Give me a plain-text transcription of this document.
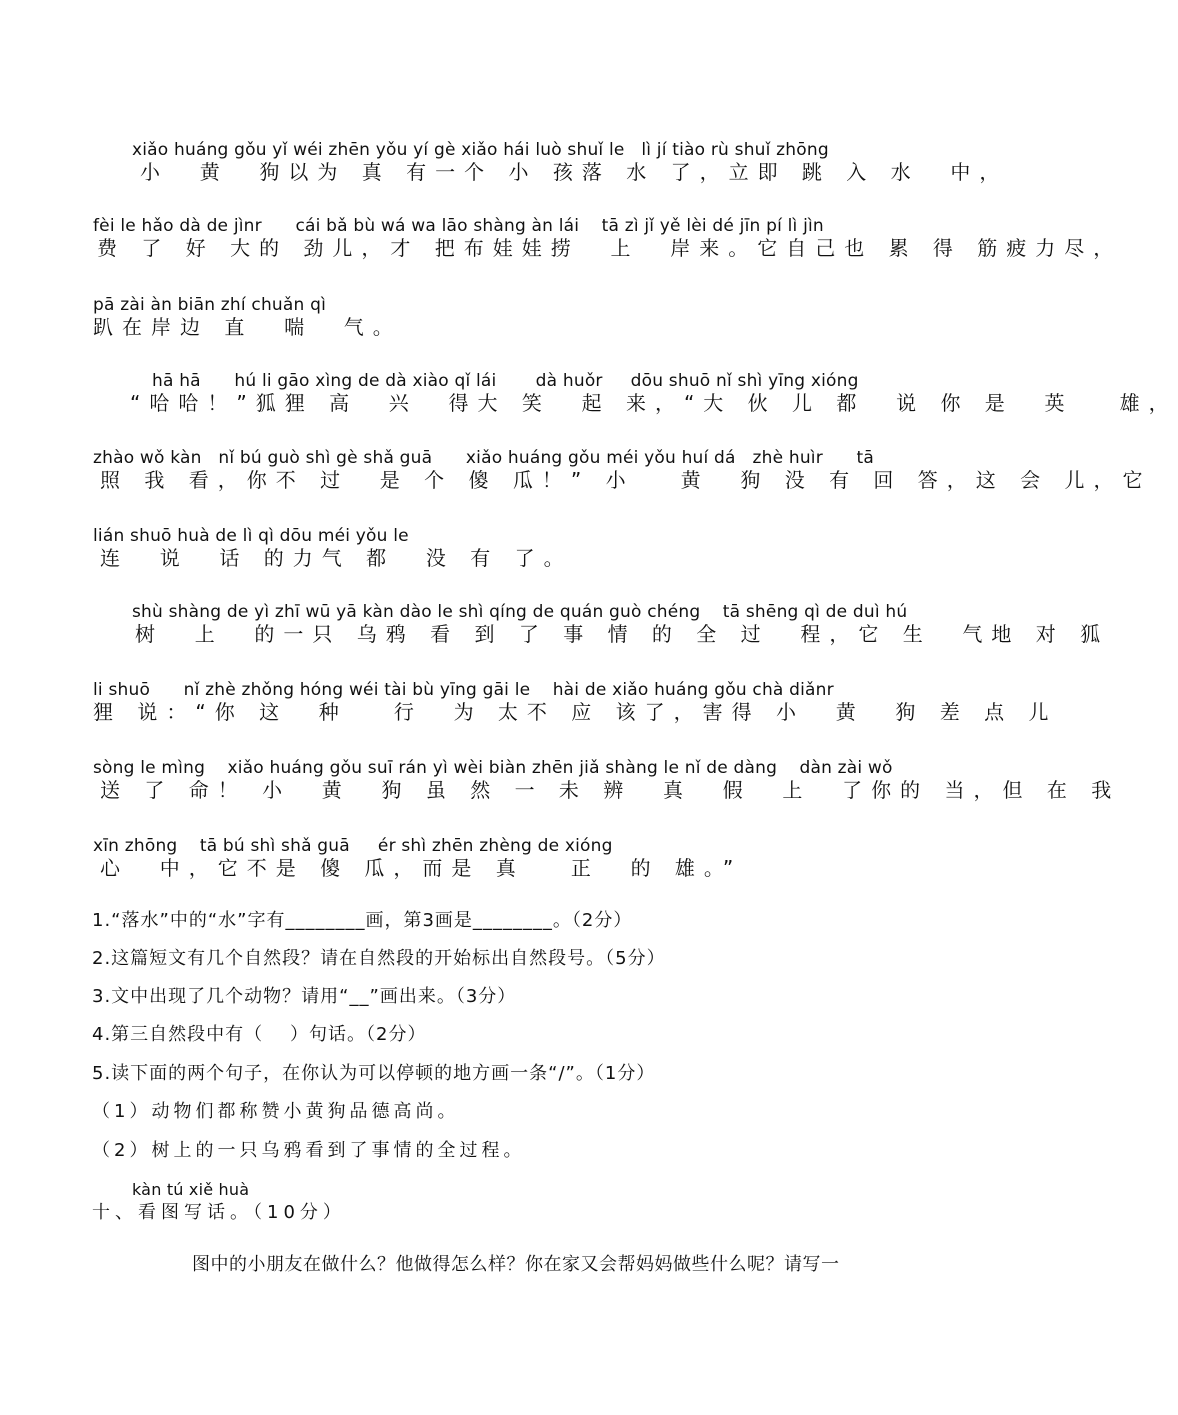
xiǎo huáng gǒu yǐ wéi zhēn yǒu yí gè xiǎo hái luò shuǐ le   lì jí tiào rù shuǐ zhōng
小  黄  狗以为 真 有一个 小 孩落 水 了，立即 跳 入 水  中，
fèi le hǎo dà de jìnr      cái bǎ bù wá wa lāo shàng àn lái    tā zì jǐ yě lèi dé jīn pí lì jìn
费 了 好 大的 劲儿，才 把布娃娃捞  上  岸来。它自己也 累 得 筋疲力尽，
pā zài àn biān zhí chuǎn qì
趴在岸边 直  喘  气。
hā hā      hú li gāo xìng de dà xiào qǐ lái       dà huǒr     dōu shuō nǐ shì yīng xióng
“哈哈！”狐狸 高  兴  得大 笑  起 来，“大 伙 儿 都  说 你 是  英   雄，
zhào wǒ kàn   nǐ bú guò shì gè shǎ guā      xiǎo huáng gǒu méi yǒu huí dá   zhè huìr      tā
照 我 看，你不 过  是 个 傻 瓜！” 小   黄  狗 没 有 回 答，这 会 儿，它
lián shuō huà de lì qì dōu méi yǒu le
连  说  话 的力气 都  没 有 了。
shù shàng de yì zhī wū yā kàn dào le shì qíng de quán guò chéng    tā shēng qì de duì hú
树  上  的一只 乌鸦 看 到 了 事 情 的 全 过  程，它 生  气地 对 狐
li shuō      nǐ zhè zhǒng hóng wéi tài bù yīng gāi le    hài de xiǎo huáng gǒu chà diǎnr
狸 说：“你 这  种   行  为 太不 应 该了，害得 小  黄  狗 差 点 儿
sòng le mìng    xiǎo huáng gǒu suī rán yì wèi biàn zhēn jiǎ shàng le nǐ de dàng    dàn zài wǒ
送 了 命！ 小  黄  狗 虽 然 一 未 辨  真  假  上  了你的 当，但 在 我
xīn zhōng    tā bú shì shǎ guā     ér shì zhēn zhèng de xióng
心  中，它不是 傻 瓜，而是 真   正  的 雄。”
1.“落水”中的“水”字有________画，第3画是________。（2分）
2.这篇短文有几个自然段？请在自然段的开始标出自然段号。（5分）
3.文中出现了几个动物？请用“__”画出来。（3分）
4.第三自然段中有（    ）句话。（2分）
5.读下面的两个句子，在你认为可以停顿的地方画一条“/”。（1分）
（1）动物们都称赞小黄狗品德高尚。
（2）树上的一只乌鸦看到了事情的全过程。
kàn tú xiě huà
十、看图写话。（10分）
图中的小朋友在做什么？他做得怎么样？你在家又会帮妈妈做些什么呢？请写一
